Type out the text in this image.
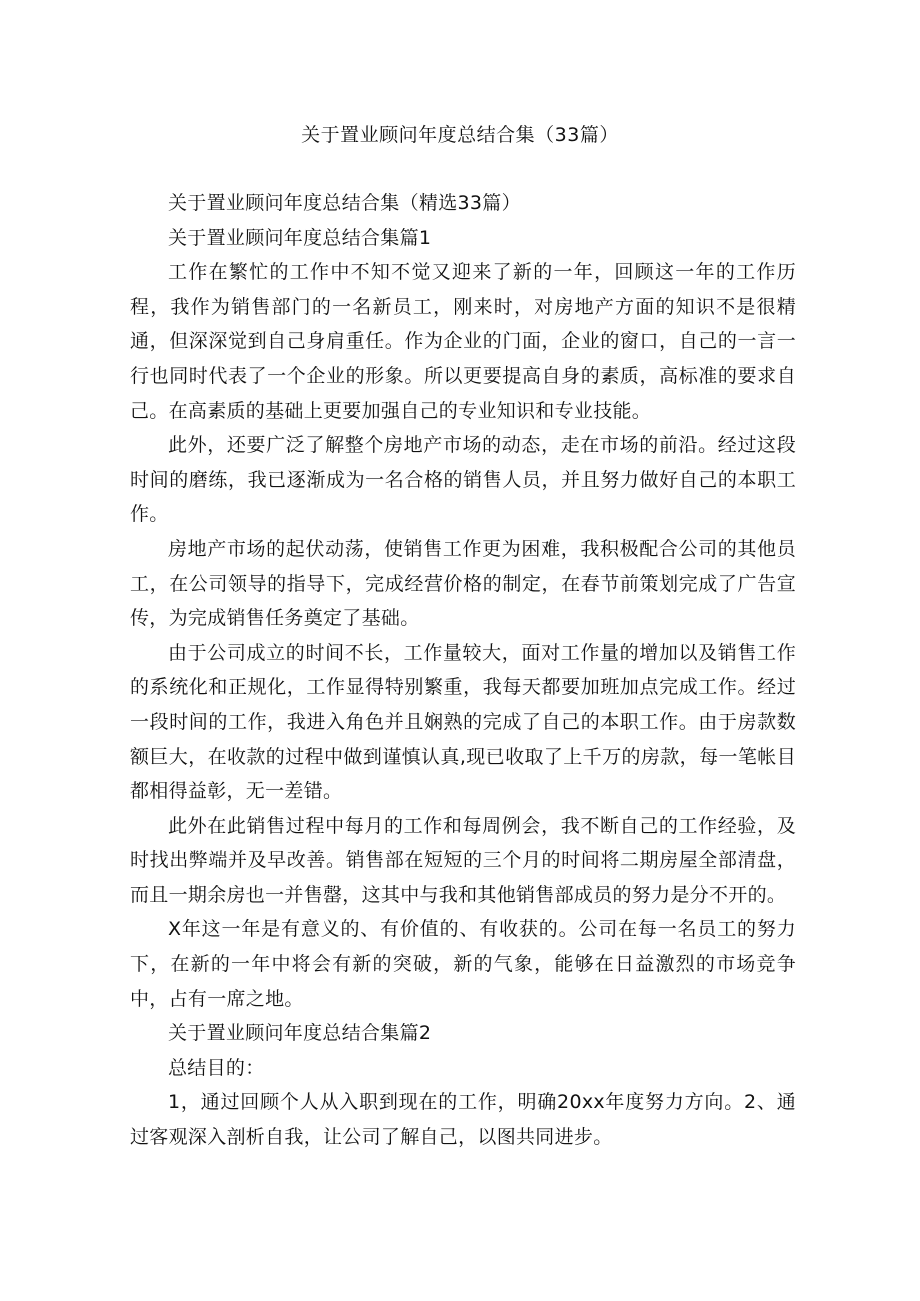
关于置业顾问年度总结合集（33篇）

关于置业顾问年度总结合集（精选33篇）

关于置业顾问年度总结合集篇1

工作在繁忙的工作中不知不觉又迎来了新的一年，回顾这一年的工作历程，我作为销售部门的一名新员工，刚来时，对房地产方面的知识不是很精通，但深深觉到自己身肩重任。作为企业的门面，企业的窗口，自己的一言一行也同时代表了一个企业的形象。所以更要提高自身的素质，高标准的要求自己。在高素质的基础上更要加强自己的专业知识和专业技能。

此外，还要广泛了解整个房地产市场的动态，走在市场的前沿。经过这段时间的磨练，我已逐渐成为一名合格的销售人员，并且努力做好自己的本职工作。

房地产市场的起伏动荡，使销售工作更为困难，我积极配合公司的其他员工，在公司领导的指导下，完成经营价格的制定，在春节前策划完成了广告宣传，为完成销售任务奠定了基础。

由于公司成立的时间不长，工作量较大，面对工作量的增加以及销售工作的系统化和正规化，工作显得特别繁重，我每天都要加班加点完成工作。经过一段时间的工作，我进入角色并且娴熟的完成了自己的本职工作。由于房款数额巨大，在收款的过程中做到谨慎认真,现已收取了上千万的房款，每一笔帐目都相得益彰，无一差错。

此外在此销售过程中每月的工作和每周例会，我不断自己的工作经验，及时找出弊端并及早改善。销售部在短短的三个月的时间将二期房屋全部清盘，而且一期余房也一并售罄，这其中与我和其他销售部成员的努力是分不开的。

X年这一年是有意义的、有价值的、有收获的。公司在每一名员工的努力下，在新的一年中将会有新的突破，新的气象，能够在日益激烈的市场竞争中，占有一席之地。

关于置业顾问年度总结合集篇2

总结目的：

1，通过回顾个人从入职到现在的工作，明确20xx年度努力方向。2、通过客观深入剖析自我，让公司了解自己，以图共同进步。
